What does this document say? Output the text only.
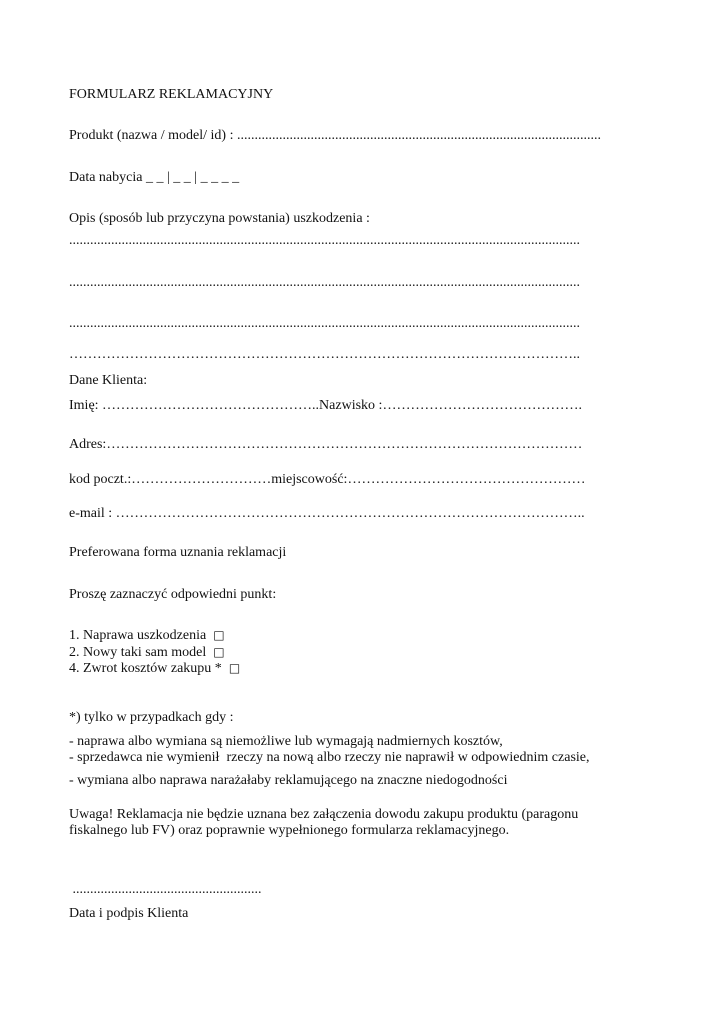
FORMULARZ REKLAMACYJNY
Produkt (nazwa / model/ id) : ........................................................................................................
Data nabycia _ _ | _ _ | _ _ _ _
Opis (sposób lub przyczyna powstania) uszkodzenia :
..................................................................................................................................................
..................................................................................................................................................
..................................................................................................................................................
………………………………………………………………………………………………..
Dane Klienta:
Imię: ………………………………………..Nazwisko :…………………………………….
Adres:…………………………………………………………………………………………
kod poczt.:…………………………miejscowość:……………………………………………
e-mail : ………………………………………………………………………………………..
Preferowana forma uznania reklamacji
Proszę zaznaczyć odpowiedni punkt:
1. Naprawa uszkodzenia □
2. Nowy taki sam model □
4. Zwrot kosztów zakupu * □
*) tylko w przypadkach gdy :
- naprawa albo wymiana są niemożliwe lub wymagają nadmiernych kosztów,
- sprzedawca nie wymienił  rzeczy na nową albo rzeczy nie naprawił w odpowiednim czasie,
- wymiana albo naprawa narażałaby reklamującego na znaczne niedogodności
Uwaga! Reklamacja nie będzie uznana bez załączenia dowodu zakupu produktu (paragonu
fiskalnego lub FV) oraz poprawnie wypełnionego formularza reklamacyjnego.
......................................................
Data i podpis Klienta
